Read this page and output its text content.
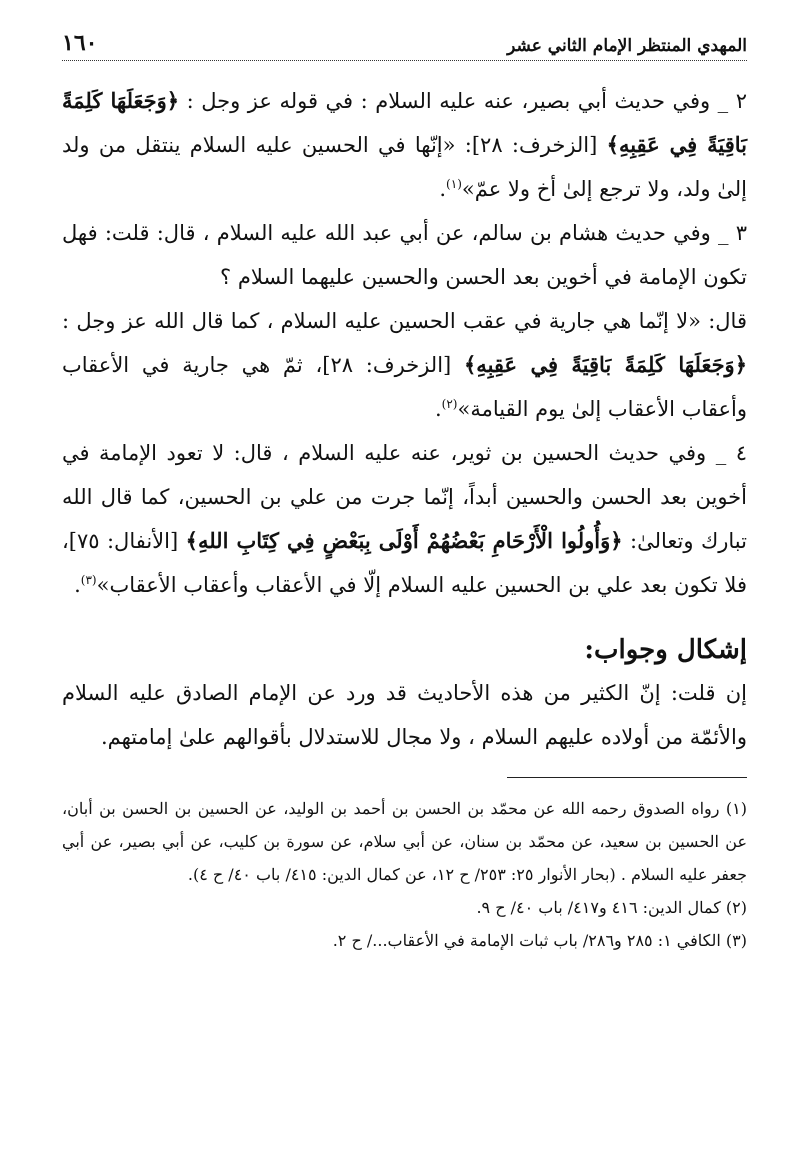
المهدي المنتظر الإمام الثاني عشر
١٦٠

٢ _ وفي حديث أبي بصير، عنه عليه السلام : في قوله عز وجل : ﴿وَجَعَلَهَا كَلِمَةً بَاقِيَةً فِي عَقِبِهِ﴾ [الزخرف: ٢٨]: «إنّها في الحسين عليه السلام ينتقل من ولد إلىٰ ولد، ولا ترجع إلىٰ أخ ولا عمّ»$^{(١)}$.

٣ _ وفي حديث هشام بن سالم، عن أبي عبد الله عليه السلام ، قال: قلت: فهل تكون الإمامة في أخوين بعد الحسن والحسين عليهما السلام ؟

قال: «لا إنّما هي جارية في عقب الحسين عليه السلام ، كما قال الله عز وجل : ﴿وَجَعَلَهَا كَلِمَةً بَاقِيَةً فِي عَقِبِهِ﴾ [الزخرف: ٢٨]، ثمّ هي جارية في الأعقاب وأعقاب الأعقاب إلىٰ يوم القيامة»$^{(٢)}$.

٤ _ وفي حديث الحسين بن ثوير، عنه عليه السلام ، قال: لا تعود الإمامة في أخوين بعد الحسن والحسين أبداً، إنّما جرت من علي بن الحسين، كما قال الله تبارك وتعالىٰ: ﴿وَأُولُوا الْأَرْحَامِ بَعْضُهُمْ أَوْلَى بِبَعْضٍ فِي كِتَابِ اللهِ﴾ [الأنفال: ٧٥]، فلا تكون بعد علي بن الحسين عليه السلام إلّا في الأعقاب وأعقاب الأعقاب»$^{(٣)}$.

إشكال وجواب:

إن قلت: إنّ الكثير من هذه الأحاديث قد ورد عن الإمام الصادق عليه السلام والأئمّة من أولاده عليهم السلام ، ولا مجال للاستدلال بأقوالهم علىٰ إمامتهم.

(١) رواه الصدوق رحمه الله عن محمّد بن الحسن بن أحمد بن الوليد، عن الحسين بن الحسن بن أبان، عن الحسين بن سعيد، عن محمّد بن سنان، عن أبي سلام، عن سورة بن كليب، عن أبي بصير، عن أبي جعفر عليه السلام . (بحار الأنوار ٢٥: ٢٥٣/ ح ١٢، عن كمال الدين: ٤١٥/ باب ٤٠/ ح ٤).

(٢) كمال الدين: ٤١٦ و٤١٧/ باب ٤٠/ ح ٩.

(٣) الكافي ١: ٢٨٥ و٢٨٦/ باب ثبات الإمامة في الأعقاب.../ ح ٢.
